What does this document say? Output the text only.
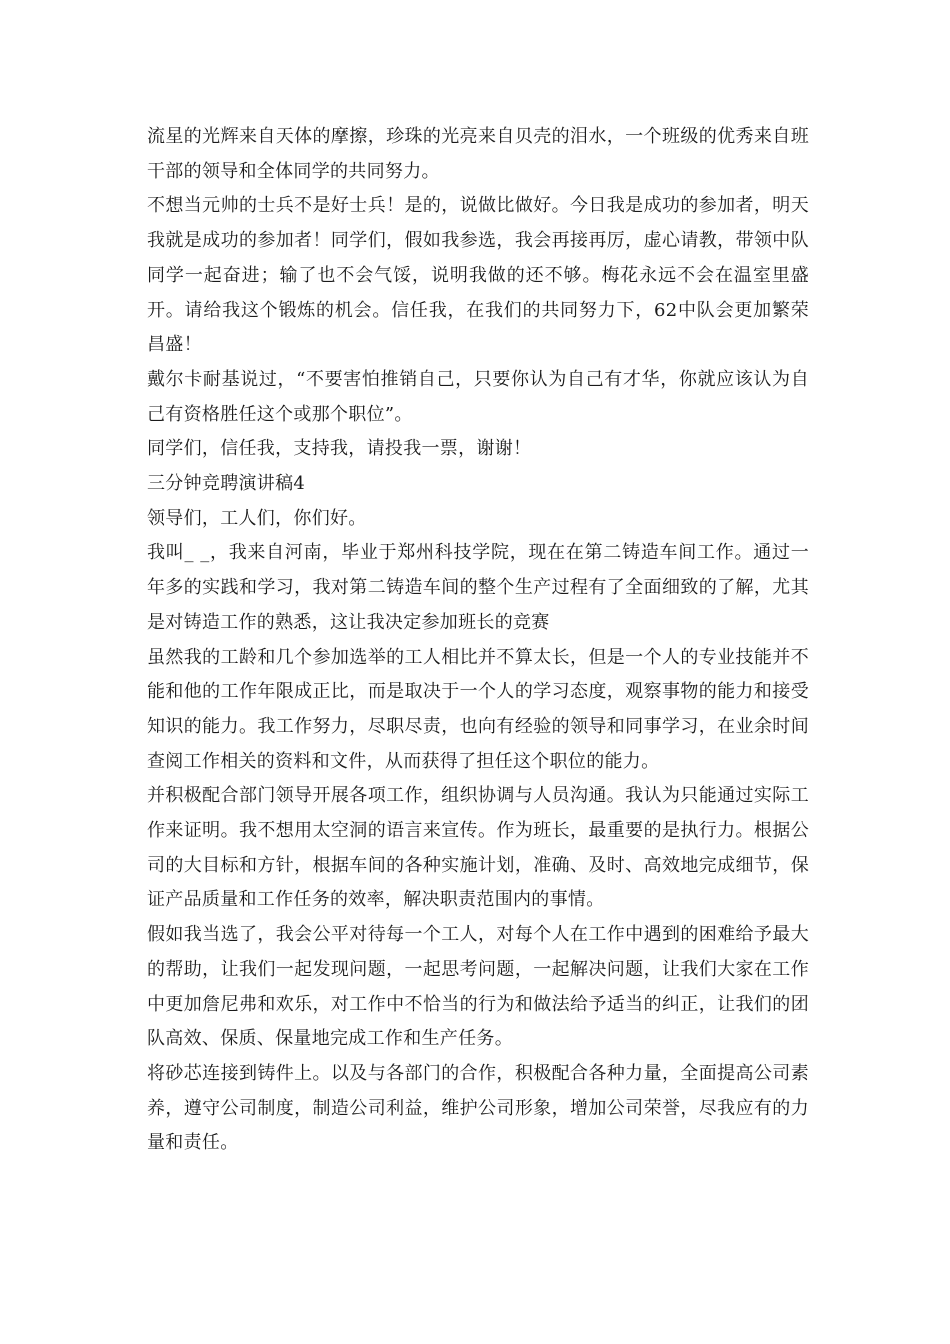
流星的光辉来自天体的摩擦，珍珠的光亮来自贝壳的泪水，一个班级的优秀来自班干部的领导和全体同学的共同努力。

不想当元帅的士兵不是好士兵！是的，说做比做好。今日我是成功的参加者，明天我就是成功的参加者！同学们，假如我参选，我会再接再厉，虚心请教，带领中队同学一起奋进；输了也不会气馁，说明我做的还不够。梅花永远不会在温室里盛开。请给我这个锻炼的机会。信任我，在我们的共同努力下，62中队会更加繁荣昌盛！

戴尔卡耐基说过，“不要害怕推销自己，只要你认为自己有才华，你就应该认为自己有资格胜任这个或那个职位”。

同学们，信任我，支持我，请投我一票，谢谢！

三分钟竞聘演讲稿4

领导们，工人们，你们好。

我叫_ _，我来自河南，毕业于郑州科技学院，现在在第二铸造车间工作。通过一年多的实践和学习，我对第二铸造车间的整个生产过程有了全面细致的了解，尤其是对铸造工作的熟悉，这让我决定参加班长的竞赛

虽然我的工龄和几个参加选举的工人相比并不算太长，但是一个人的专业技能并不能和他的工作年限成正比，而是取决于一个人的学习态度，观察事物的能力和接受知识的能力。我工作努力，尽职尽责，也向有经验的领导和同事学习，在业余时间查阅工作相关的资料和文件，从而获得了担任这个职位的能力。

并积极配合部门领导开展各项工作，组织协调与人员沟通。我认为只能通过实际工作来证明。我不想用太空洞的语言来宣传。作为班长，最重要的是执行力。根据公司的大目标和方针，根据车间的各种实施计划，准确、及时、高效地完成细节，保证产品质量和工作任务的效率，解决职责范围内的事情。

假如我当选了，我会公平对待每一个工人，对每个人在工作中遇到的困难给予最大的帮助，让我们一起发现问题，一起思考问题，一起解决问题，让我们大家在工作中更加詹尼弗和欢乐，对工作中不恰当的行为和做法给予适当的纠正，让我们的团队高效、保质、保量地完成工作和生产任务。

将砂芯连接到铸件上。以及与各部门的合作，积极配合各种力量，全面提高公司素养，遵守公司制度，制造公司利益，维护公司形象，增加公司荣誉，尽我应有的力量和责任。
